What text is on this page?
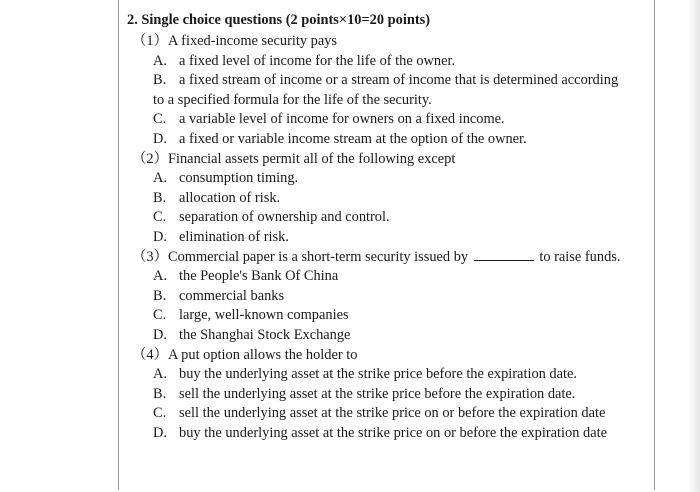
2. Single choice questions (2 points×10=20 points)
（1）A fixed-income security pays
A. a fixed level of income for the life of the owner.
B. a fixed stream of income or a stream of income that is determined according
to a specified formula for the life of the security.
C. a variable level of income for owners on a fixed income.
D. a fixed or variable income stream at the option of the owner.
（2）Financial assets permit all of the following except
A. consumption timing.
B. allocation of risk.
C. separation of ownership and control.
D. elimination of risk.
（3）Commercial paper is a short-term security issued by	to raise funds.
A. the People's Bank Of China
B. commercial banks
C. large, well-known companies
D. the Shanghai Stock Exchange
（4）A put option allows the holder to
A. buy the underlying asset at the strike price before the expiration date.
B. sell the underlying asset at the strike price before the expiration date.
C. sell the underlying asset at the strike price on or before the expiration date
D. buy the underlying asset at the strike price on or before the expiration date
